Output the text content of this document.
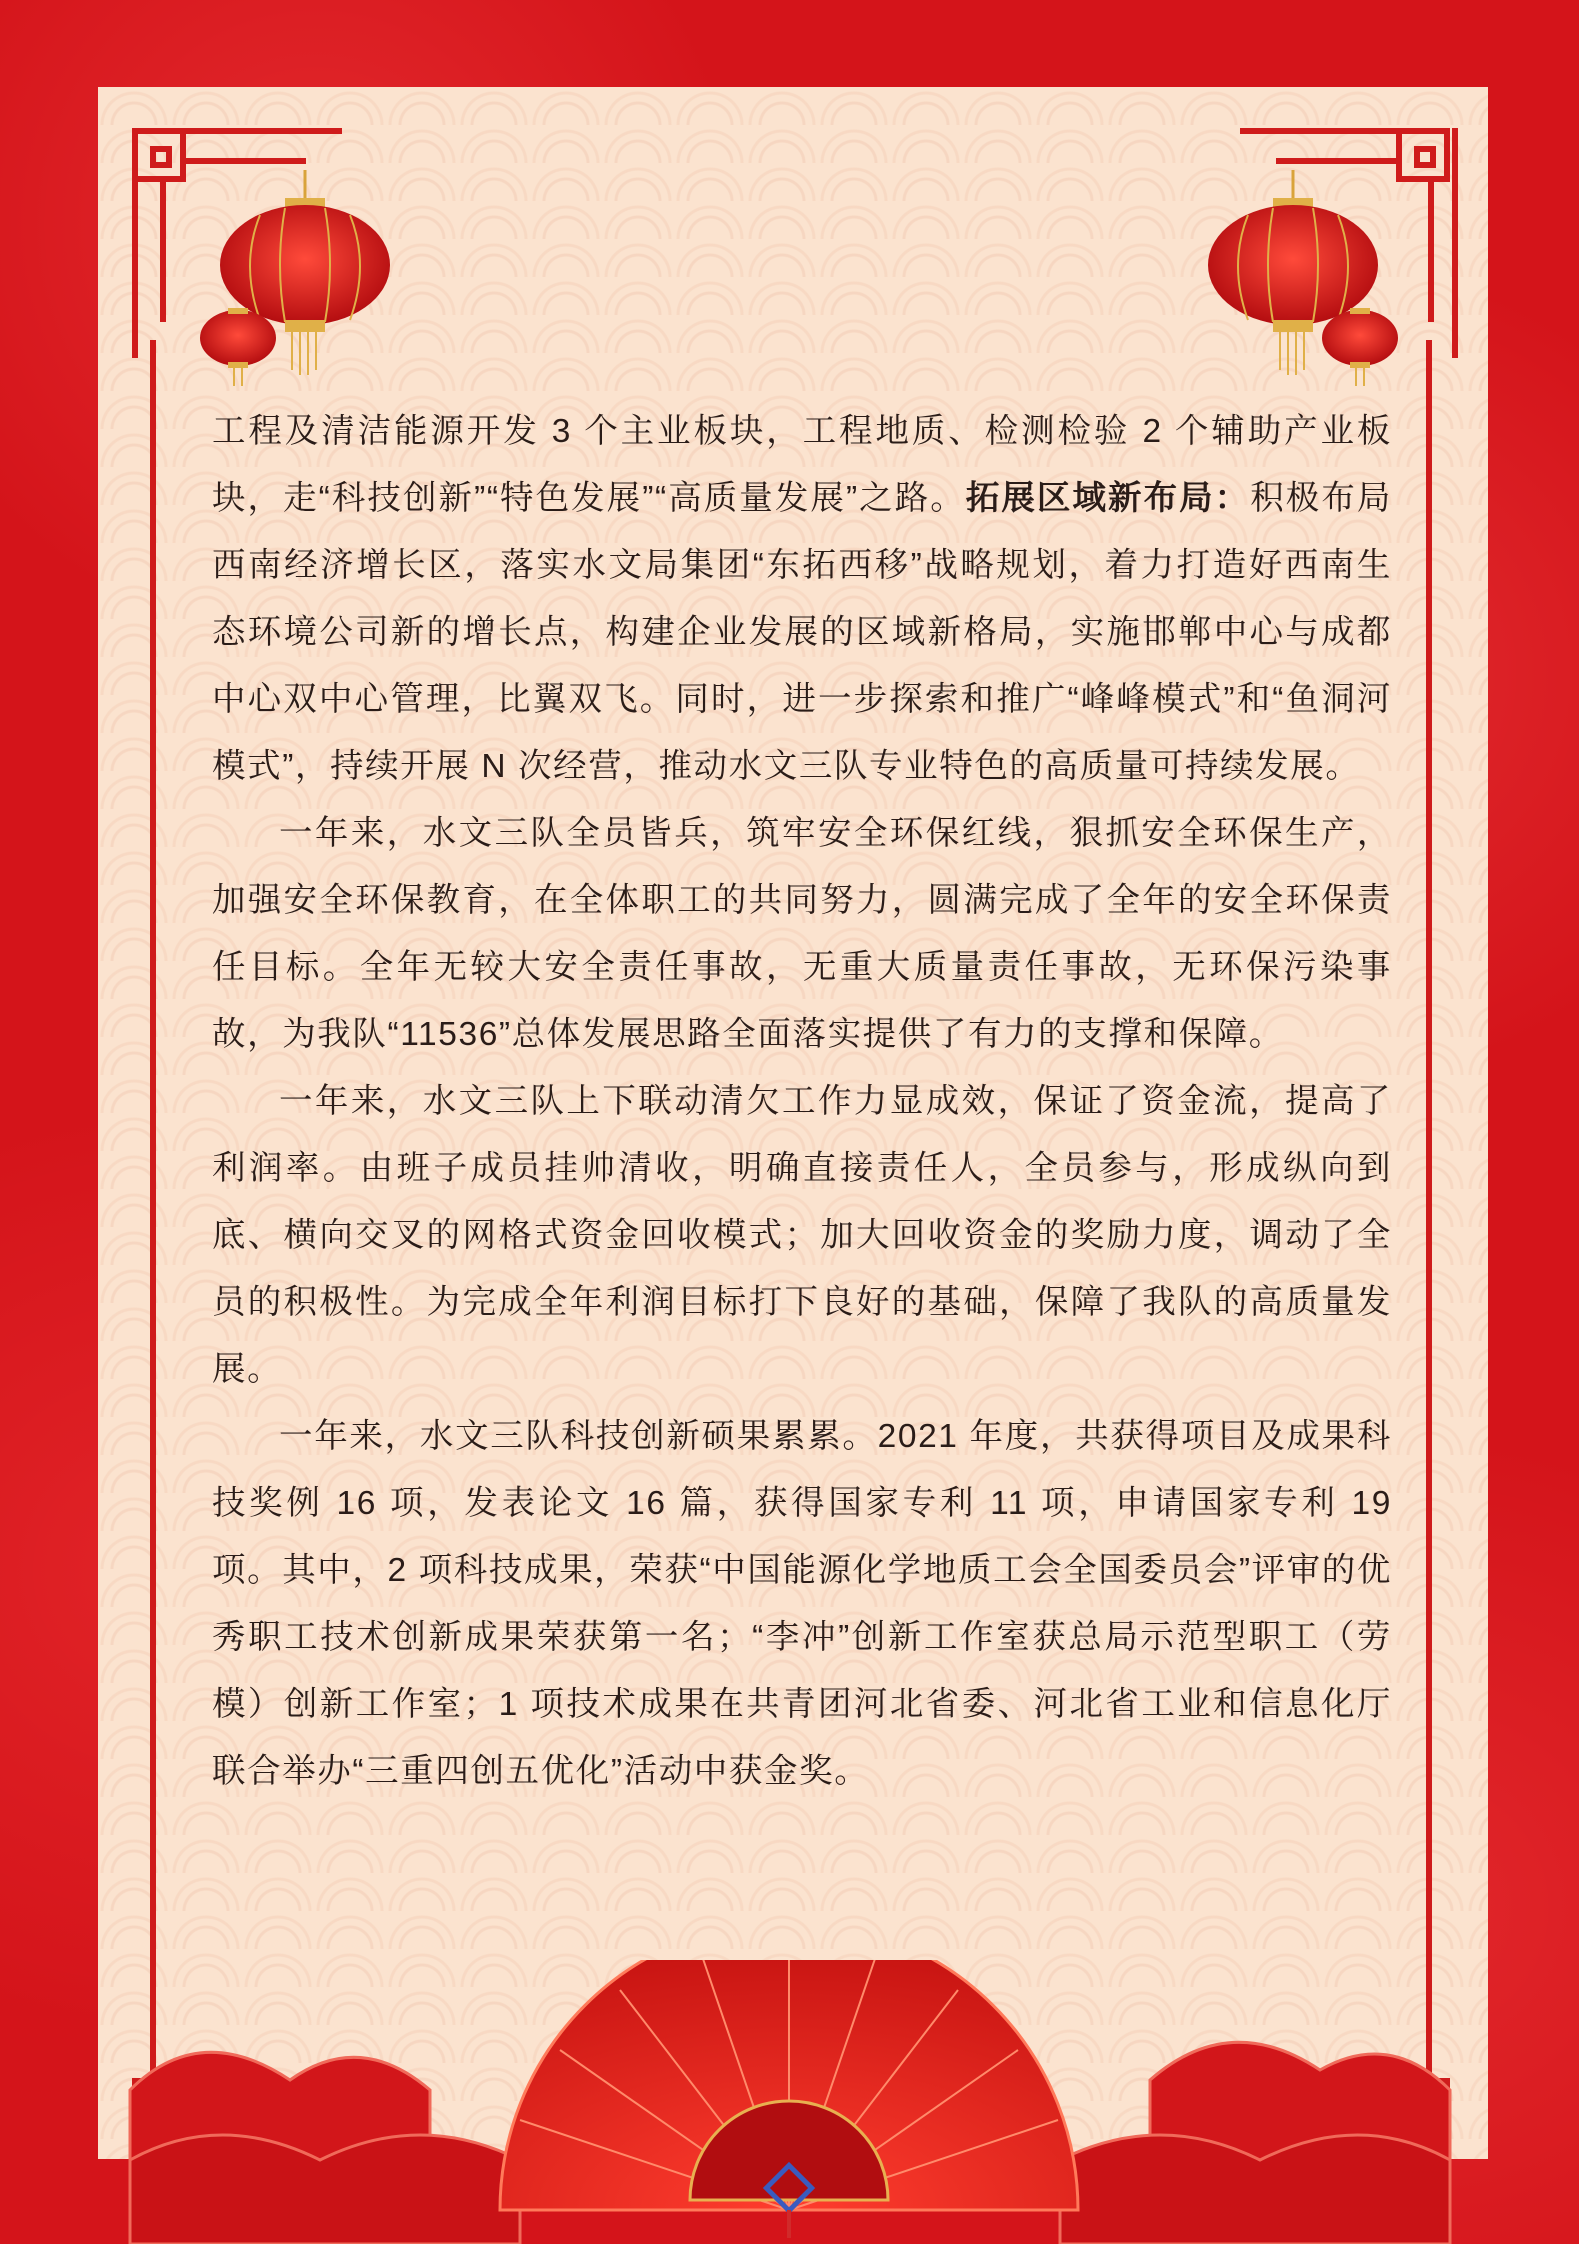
工程及清洁能源开发 3 个主业板块，工程地质、检测检验 2 个辅助产业板块，走“科技创新”“特色发展”“高质量发展”之路。拓展区域新布局：积极布局西南经济增长区，落实水文局集团“东拓西移”战略规划，着力打造好西南生态环境公司新的增长点，构建企业发展的区域新格局，实施邯郸中心与成都中心双中心管理，比翼双飞。同时，进一步探索和推广“峰峰模式”和“鱼洞河模式”，持续开展 N 次经营，推动水文三队专业特色的高质量可持续发展。

一年来，水文三队全员皆兵，筑牢安全环保红线，狠抓安全环保生产，加强安全环保教育，在全体职工的共同努力，圆满完成了全年的安全环保责任目标。全年无较大安全责任事故，无重大质量责任事故，无环保污染事故，为我队“11536”总体发展思路全面落实提供了有力的支撑和保障。

一年来，水文三队上下联动清欠工作力显成效，保证了资金流，提高了利润率。由班子成员挂帅清收，明确直接责任人，全员参与，形成纵向到底、横向交叉的网格式资金回收模式；加大回收资金的奖励力度，调动了全员的积极性。为完成全年利润目标打下良好的基础，保障了我队的高质量发展。

一年来，水文三队科技创新硕果累累。2021 年度，共获得项目及成果科技奖例 16 项，发表论文 16 篇，获得国家专利 11 项，申请国家专利 19 项。其中，2 项科技成果，荣获“中国能源化学地质工会全国委员会”评审的优秀职工技术创新成果荣获第一名；“李冲”创新工作室获总局示范型职工（劳模）创新工作室；1 项技术成果在共青团河北省委、河北省工业和信息化厅联合举办“三重四创五优化”活动中获金奖。
